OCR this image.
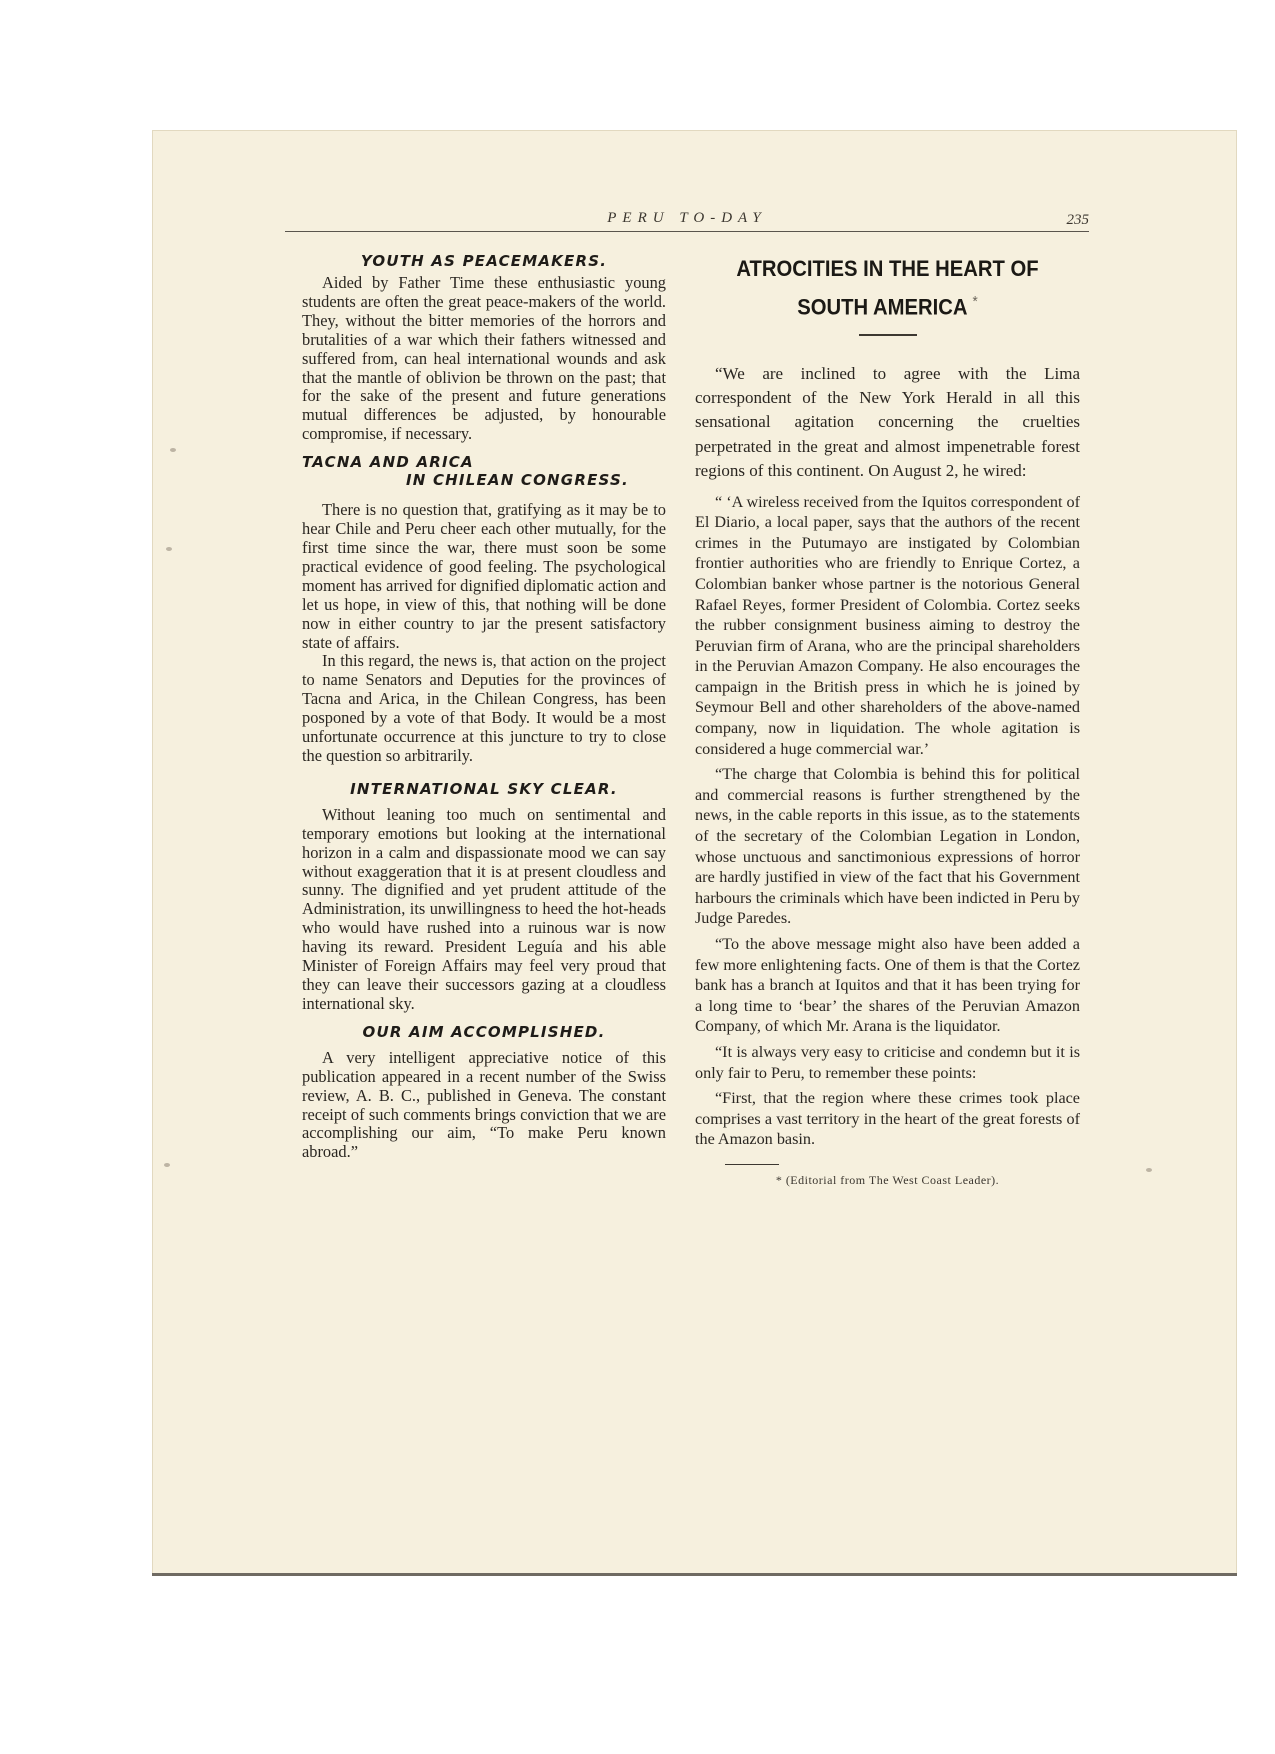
PERU TO-DAY	235
YOUTH AS PEACEMAKERS.

Aided by Father Time these enthusiastic young students are often the great peace-makers of the world. They, without the bitter memories of the horrors and brutalities of a war which their fathers witnessed and suffered from, can heal international wounds and ask that the mantle of oblivion be thrown on the past; that for the sake of the present and future generations mutual differences be adjusted, by honourable compromise, if necessary.

TACNA AND ARICA
IN CHILEAN CONGRESS.

There is no question that, gratifying as it may be to hear Chile and Peru cheer each other mutually, for the first time since the war, there must soon be some practical evidence of good feeling. The psychological moment has arrived for dignified diplomatic action and let us hope, in view of this, that nothing will be done now in either country to jar the present satisfactory state of affairs.

In this regard, the news is, that action on the project to name Senators and Deputies for the provinces of Tacna and Arica, in the Chilean Congress, has been posponed by a vote of that Body. It would be a most unfortunate occurrence at this juncture to try to close the question so arbitrarily.

INTERNATIONAL SKY CLEAR.

Without leaning too much on sentimental and temporary emotions but looking at the international horizon in a calm and dispassionate mood we can say without exaggeration that it is at present cloudless and sunny. The dignified and yet prudent attitude of the Administration, its unwillingness to heed the hot-heads who would have rushed into a ruinous war is now having its reward. President Leguía and his able Minister of Foreign Affairs may feel very proud that they can leave their successors gazing at a cloudless international sky.

OUR AIM ACCOMPLISHED.

A very intelligent appreciative notice of this publication appeared in a recent number of the Swiss review, A. B. C., published in Geneva. The constant receipt of such comments brings conviction that we are accomplishing our aim, “To make Peru known abroad.”

ATROCITIES IN THE HEART OF
SOUTH AMERICA *

“We are inclined to agree with the Lima correspondent of the New York Herald in all this sensational agitation concerning the cruelties perpetrated in the great and almost impenetrable forest regions of this continent. On August 2, he wired:

“ ‘A wireless received from the Iquitos correspondent of El Diario, a local paper, says that the authors of the recent crimes in the Putumayo are instigated by Colombian frontier authorities who are friendly to Enrique Cortez, a Colombian banker whose partner is the notorious General Rafael Reyes, former President of Colombia. Cortez seeks the rubber consignment business aiming to destroy the Peruvian firm of Arana, who are the principal shareholders in the Peruvian Amazon Company. He also encourages the campaign in the British press in which he is joined by Seymour Bell and other shareholders of the above-named company, now in liquidation. The whole agitation is considered a huge commercial war.’

“The charge that Colombia is behind this for political and commercial reasons is further strengthened by the news, in the cable reports in this issue, as to the statements of the secretary of the Colombian Legation in London, whose unctuous and sanctimonious expressions of horror are hardly justified in view of the fact that his Government harbours the criminals which have been indicted in Peru by Judge Paredes.

“To the above message might also have been added a few more enlightening facts. One of them is that the Cortez bank has a branch at Iquitos and that it has been trying for a long time to ‘bear’ the shares of the Peruvian Amazon Company, of which Mr. Arana is the liquidator.

“It is always very easy to criticise and condemn but it is only fair to Peru, to remember these points:

“First, that the region where these crimes took place comprises a vast territory in the heart of the great forests of the Amazon basin.

* (Editorial from The West Coast Leader).
